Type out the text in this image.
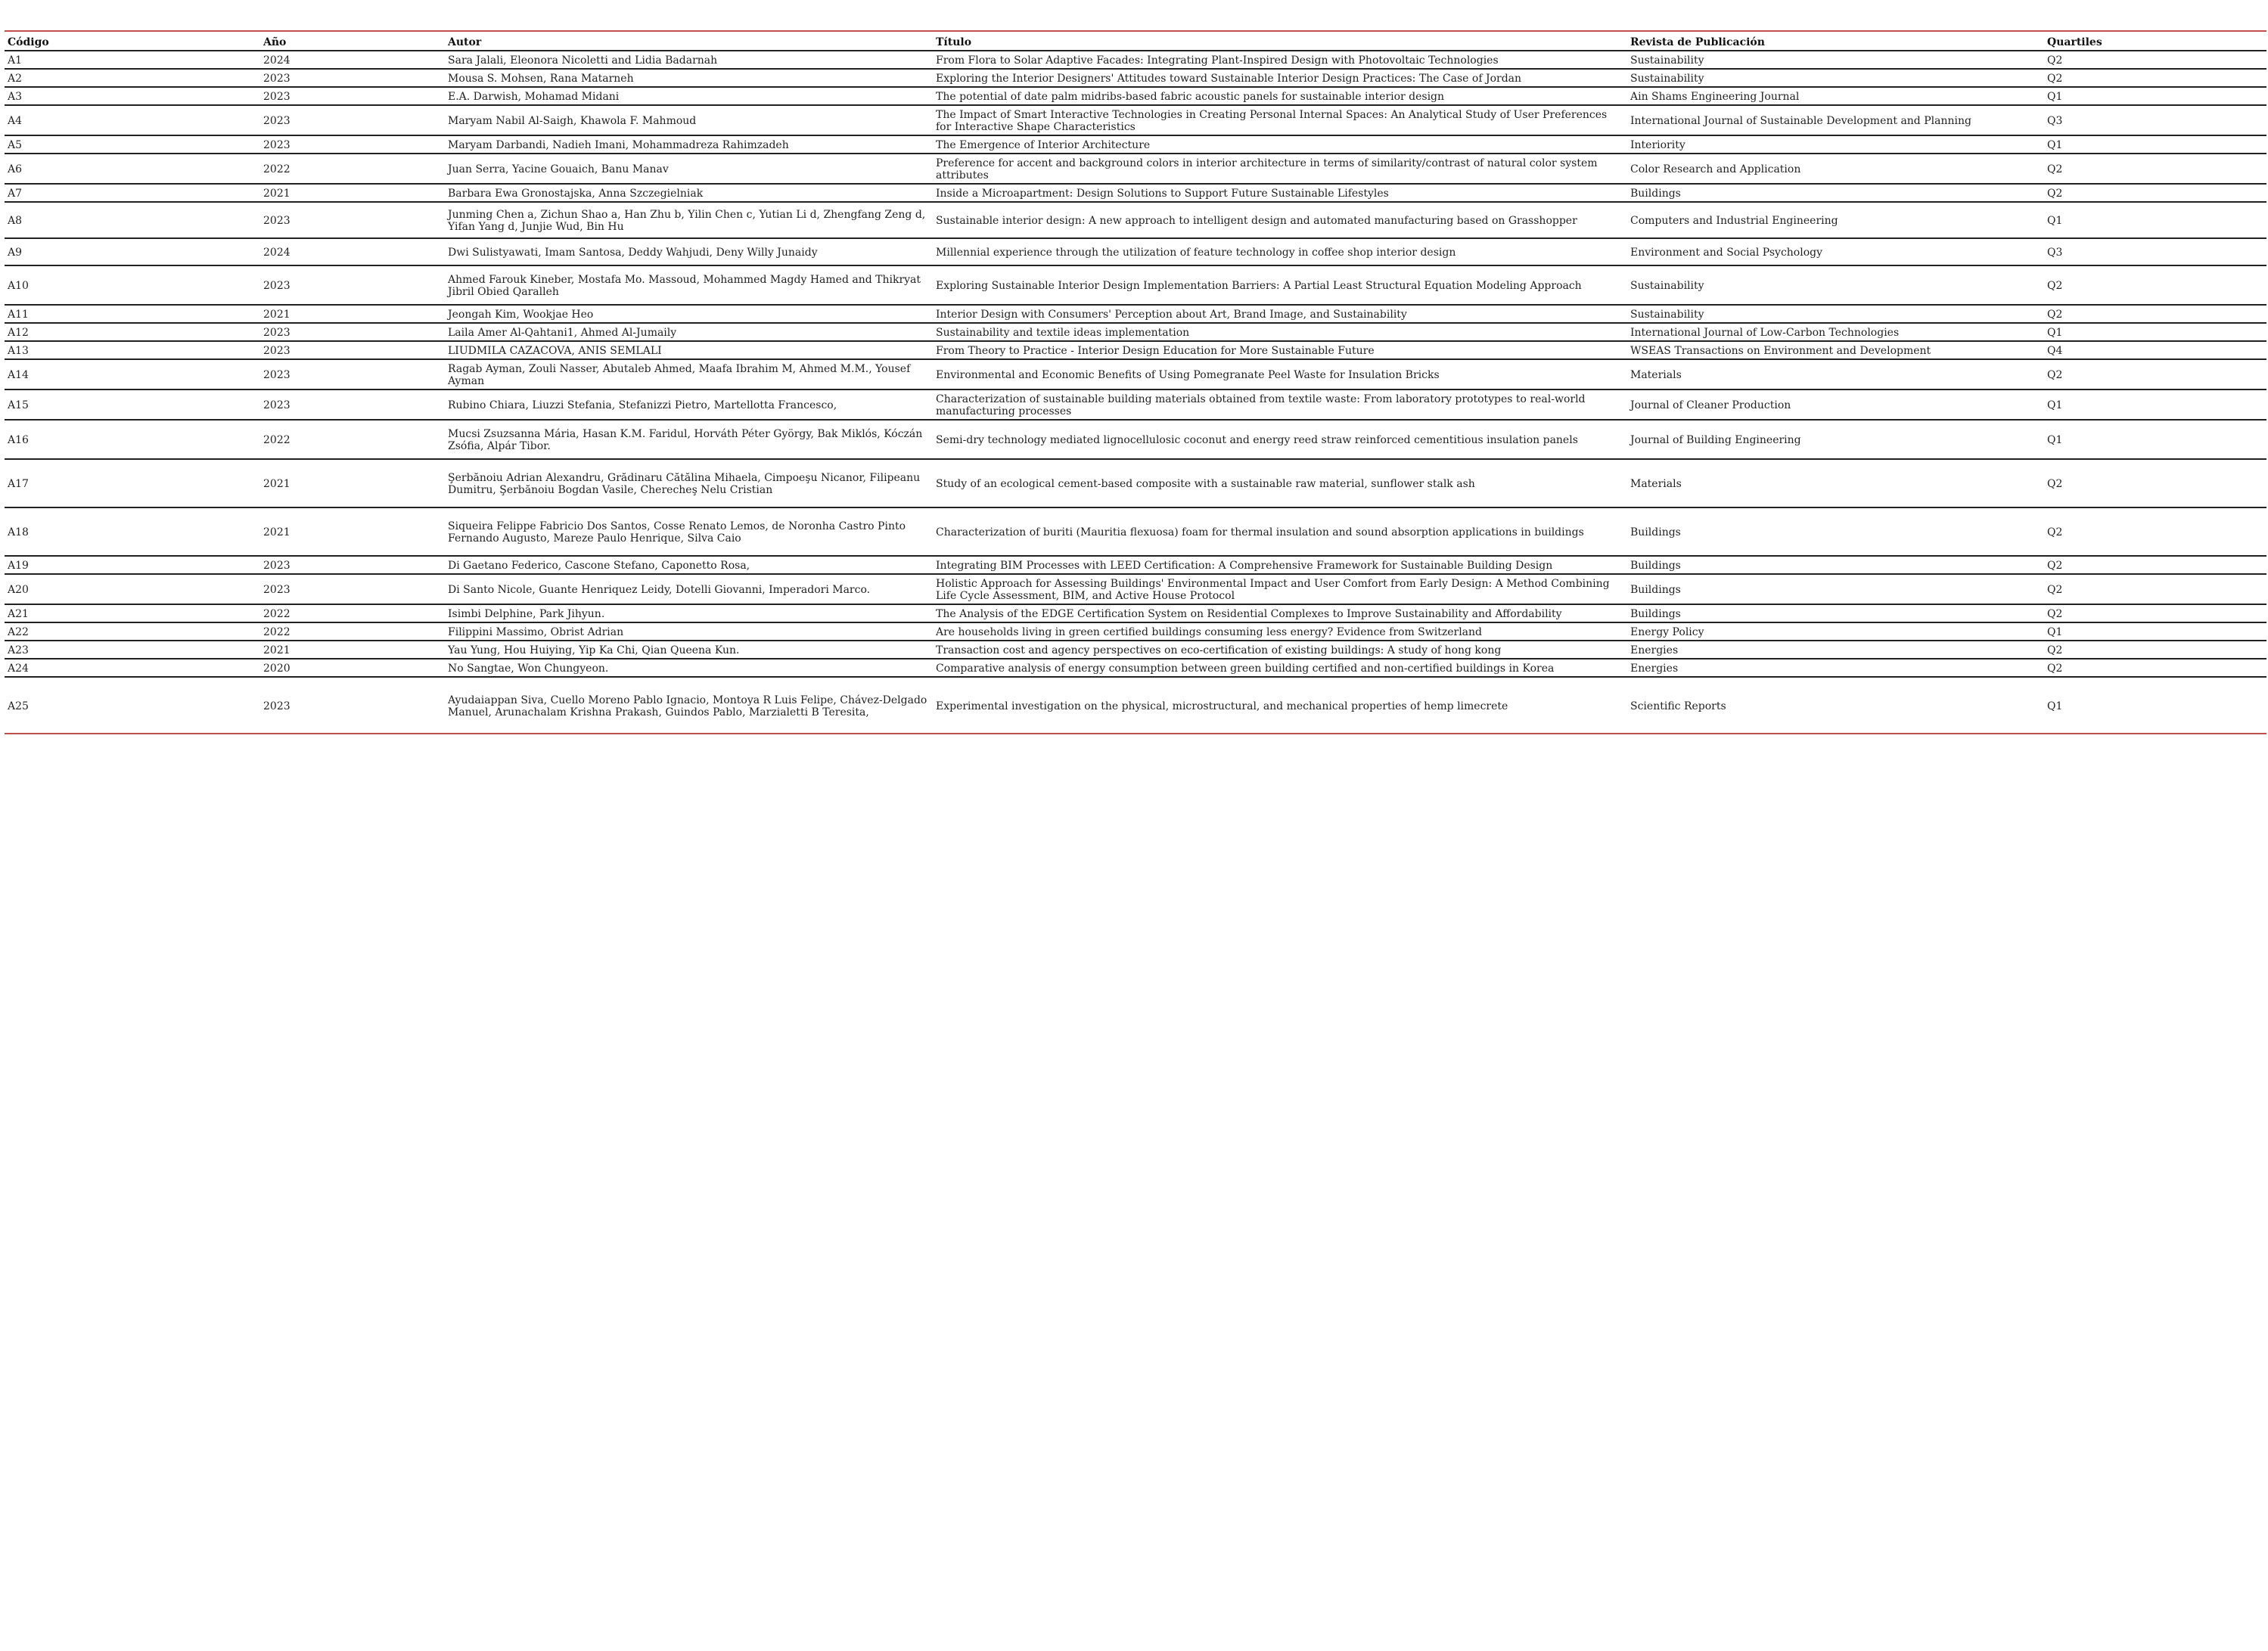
Código	Año	Autor	Título	Revista de Publicación	Quartiles
A1	2024	Sara Jalali, Eleonora Nicoletti and Lidia Badarnah	From Flora to Solar Adaptive Facades: Integrating Plant-Inspired Design with Photovoltaic Technologies	Sustainability	Q2
A2	2023	Mousa S. Mohsen, Rana Matarneh	Exploring the Interior Designers' Attitudes toward Sustainable Interior Design Practices: The Case of Jordan	Sustainability	Q2
A3	2023	E.A. Darwish, Mohamad Midani	The potential of date palm midribs-based fabric acoustic panels for sustainable interior design	Ain Shams Engineering Journal	Q1
A4	2023	Maryam Nabil Al-Saigh, Khawola F. Mahmoud	The Impact of Smart Interactive Technologies in Creating Personal Internal Spaces: An Analytical Study of User Preferences for Interactive Shape Characteristics	International Journal of Sustainable Development and Planning	Q3
A5	2023	Maryam Darbandi, Nadieh Imani, Mohammadreza Rahimzadeh	The Emergence of Interior Architecture	Interiority	Q1
A6	2022	Juan Serra, Yacine Gouaich, Banu Manav	Preference for accent and background colors in interior architecture in terms of similarity/contrast of natural color system attributes	Color Research and Application	Q2
A7	2021	Barbara Ewa Gronostajska, Anna Szczegielniak	Inside a Microapartment: Design Solutions to Support Future Sustainable Lifestyles	Buildings	Q2
A8	2023	Junming Chen a, Zichun Shao a, Han Zhu b, Yilin Chen c, Yutian Li d, Zhengfang Zeng d, Yifan Yang d, Junjie Wud, Bin Hu	Sustainable interior design: A new approach to intelligent design and automated manufacturing based on Grasshopper	Computers and Industrial Engineering	Q1
A9	2024	Dwi Sulistyawati, Imam Santosa, Deddy Wahjudi, Deny Willy Junaidy	Millennial experience through the utilization of feature technology in coffee shop interior design	Environment and Social Psychology	Q3
A10	2023	Ahmed Farouk Kineber, Mostafa Mo. Massoud, Mohammed Magdy Hamed and Thikryat Jibril Obied Qaralleh	Exploring Sustainable Interior Design Implementation Barriers: A Partial Least Structural Equation Modeling Approach	Sustainability	Q2
A11	2021	Jeongah Kim, Wookjae Heo	Interior Design with Consumers' Perception about Art, Brand Image, and Sustainability	Sustainability	Q2
A12	2023	Laila Amer Al-Qahtani1, Ahmed Al-Jumaily	Sustainability and textile ideas implementation	International Journal of Low-Carbon Technologies	Q1
A13	2023	LIUDMILA CAZACOVA, ANIS SEMLALI	From Theory to Practice - Interior Design Education for More Sustainable Future	WSEAS Transactions on Environment and Development	Q4
A14	2023	Ragab Ayman, Zouli Nasser, Abutaleb Ahmed, Maafa Ibrahim M, Ahmed M.M., Yousef Ayman	Environmental and Economic Benefits of Using Pomegranate Peel Waste for Insulation Bricks	Materials	Q2
A15	2023	Rubino Chiara, Liuzzi Stefania, Stefanizzi Pietro, Martellotta Francesco,	Characterization of sustainable building materials obtained from textile waste: From laboratory prototypes to real-world manufacturing processes	Journal of Cleaner Production	Q1
A16	2022	Mucsi Zsuzsanna Mária, Hasan K.M. Faridul, Horváth Péter György, Bak Miklós, Kóczán Zsófia, Alpár Tibor.	Semi-dry technology mediated lignocellulosic coconut and energy reed straw reinforced cementitious insulation panels	Journal of Building Engineering	Q1
A17	2021	Şerbănoiu Adrian Alexandru, Grădinaru Cătălina Mihaela, Cimpoeşu Nicanor, Filipeanu Dumitru, Şerbănoiu Bogdan Vasile, Cherecheş Nelu Cristian	Study of an ecological cement-based composite with a sustainable raw material, sunflower stalk ash	Materials	Q2
A18	2021	Siqueira Felippe Fabricio Dos Santos, Cosse Renato Lemos, de Noronha Castro Pinto Fernando Augusto, Mareze Paulo Henrique, Silva Caio	Characterization of buriti (Mauritia flexuosa) foam for thermal insulation and sound absorption applications in buildings	Buildings	Q2
A19	2023	Di Gaetano Federico, Cascone Stefano, Caponetto Rosa,	Integrating BIM Processes with LEED Certification: A Comprehensive Framework for Sustainable Building Design	Buildings	Q2
A20	2023	Di Santo Nicole, Guante Henriquez Leidy, Dotelli Giovanni, Imperadori Marco.	Holistic Approach for Assessing Buildings' Environmental Impact and User Comfort from Early Design: A Method Combining Life Cycle Assessment, BIM, and Active House Protocol	Buildings	Q2
A21	2022	Isimbi Delphine, Park Jihyun.	The Analysis of the EDGE Certification System on Residential Complexes to Improve Sustainability and Affordability	Buildings	Q2
A22	2022	Filippini Massimo, Obrist Adrian	Are households living in green certified buildings consuming less energy? Evidence from Switzerland	Energy Policy	Q1
A23	2021	Yau Yung, Hou Huiying, Yip Ka Chi, Qian Queena Kun.	Transaction cost and agency perspectives on eco-certification of existing buildings: A study of hong kong	Energies	Q2
A24	2020	No Sangtae, Won Chungyeon.	Comparative analysis of energy consumption between green building certified and non-certified buildings in Korea	Energies	Q2
A25	2023	Ayudaiappan Siva, Cuello Moreno Pablo Ignacio, Montoya R Luis Felipe, Chávez-Delgado Manuel, Arunachalam Krishna Prakash, Guindos Pablo, Marzialetti B Teresita,	Experimental investigation on the physical, microstructural, and mechanical properties of hemp limecrete	Scientific Reports	Q1
